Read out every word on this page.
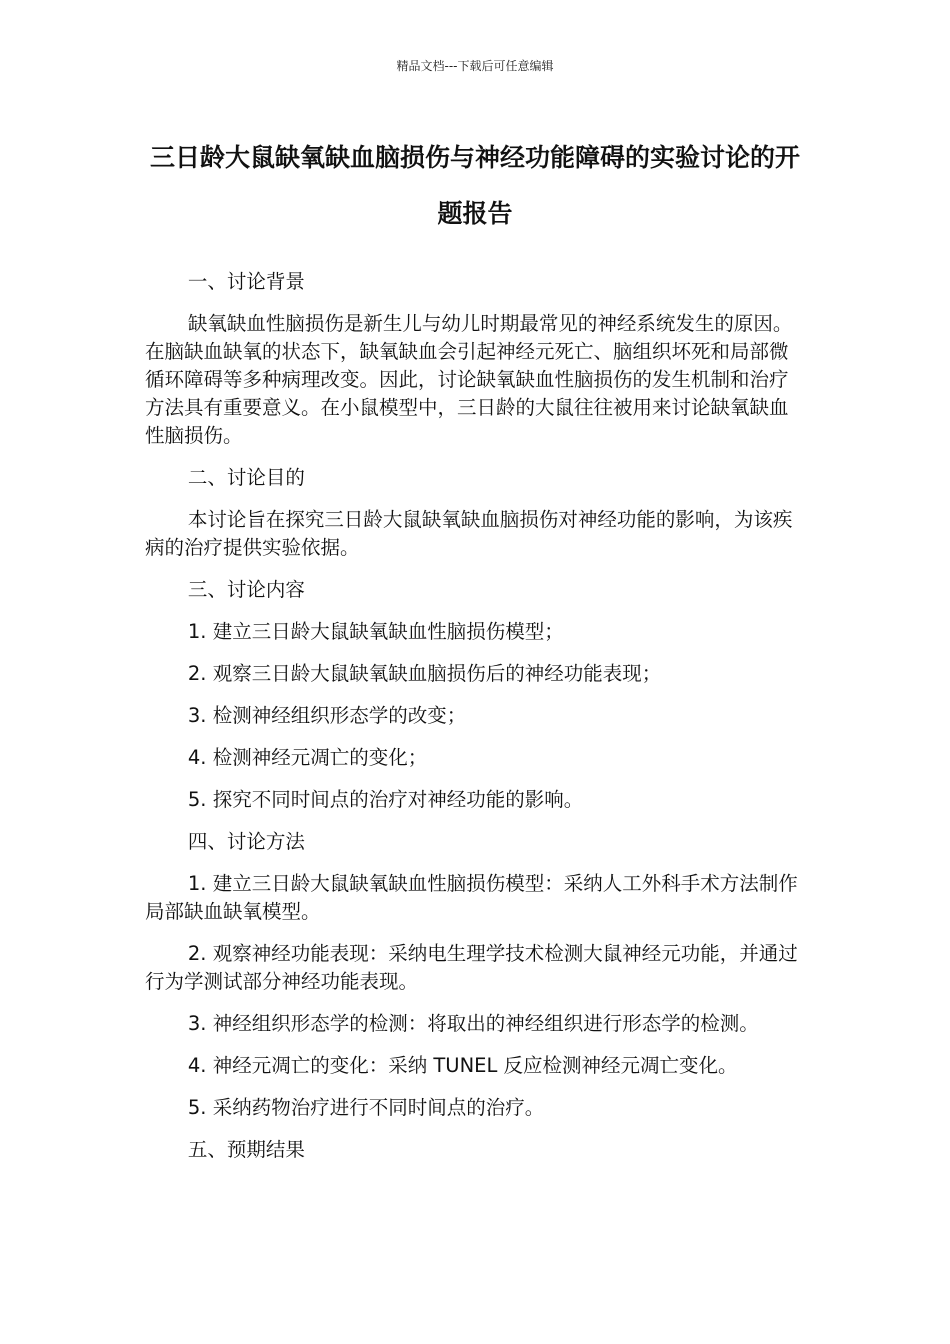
精品文档---下载后可任意编辑
三日龄大鼠缺氧缺血脑损伤与神经功能障碍的实验讨论的开题报告

一、讨论背景

缺氧缺血性脑损伤是新生儿与幼儿时期最常见的神经系统发生的原因。在脑缺血缺氧的状态下，缺氧缺血会引起神经元死亡、脑组织坏死和局部微循环障碍等多种病理改变。因此，讨论缺氧缺血性脑损伤的发生机制和治疗方法具有重要意义。在小鼠模型中，三日龄的大鼠往往被用来讨论缺氧缺血性脑损伤。

二、讨论目的

本讨论旨在探究三日龄大鼠缺氧缺血脑损伤对神经功能的影响，为该疾病的治疗提供实验依据。

三、讨论内容

1. 建立三日龄大鼠缺氧缺血性脑损伤模型；

2. 观察三日龄大鼠缺氧缺血脑损伤后的神经功能表现；

3. 检测神经组织形态学的改变；

4. 检测神经元凋亡的变化；

5. 探究不同时间点的治疗对神经功能的影响。

四、讨论方法

1. 建立三日龄大鼠缺氧缺血性脑损伤模型：采纳人工外科手术方法制作局部缺血缺氧模型。

2. 观察神经功能表现：采纳电生理学技术检测大鼠神经元功能，并通过行为学测试部分神经功能表现。

3. 神经组织形态学的检测：将取出的神经组织进行形态学的检测。

4. 神经元凋亡的变化：采纳 TUNEL 反应检测神经元凋亡变化。

5. 采纳药物治疗进行不同时间点的治疗。

五、预期结果
